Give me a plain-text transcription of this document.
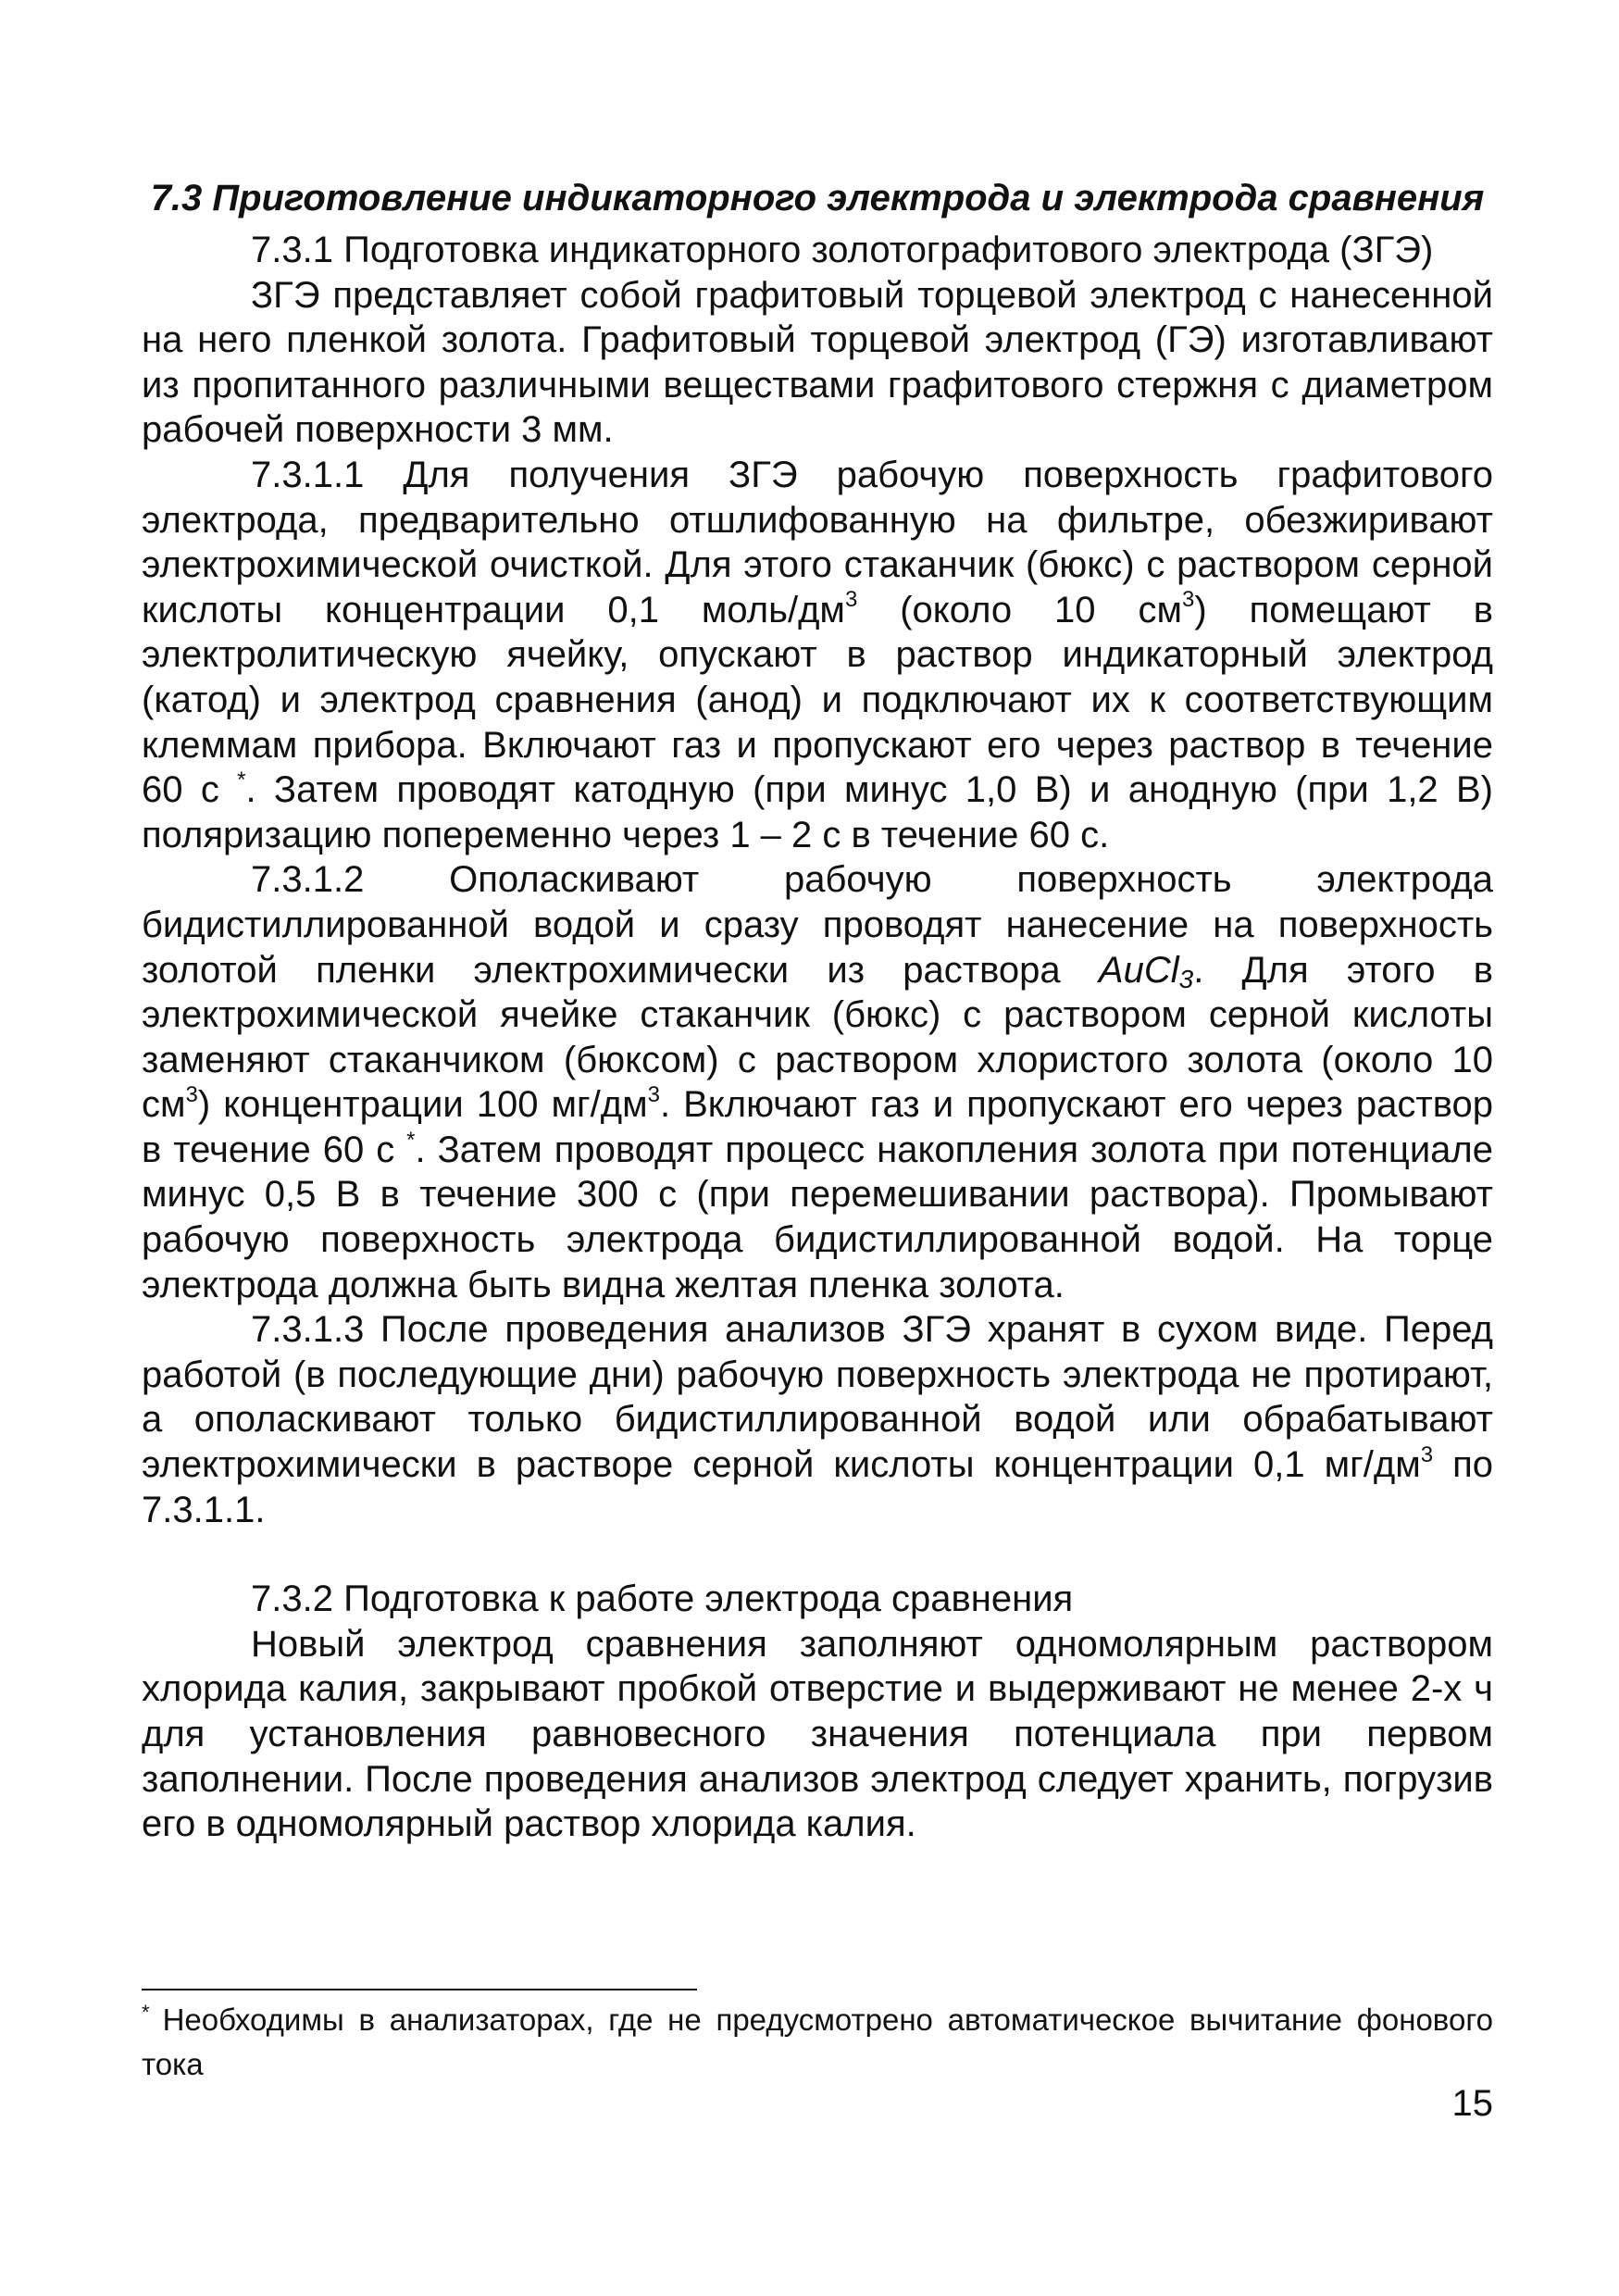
7.3 Приготовление индикаторного электрода и электрода сравнения

7.3.1 Подготовка индикаторного золотографитового электрода (ЗГЭ)

ЗГЭ представляет собой графитовый торцевой электрод с нанесенной на него пленкой золота. Графитовый торцевой электрод (ГЭ) изготавливают из пропитанного различными веществами графитового стержня с диаметром рабочей поверхности 3 мм.

7.3.1.1 Для получения ЗГЭ рабочую поверхность графитового электрода, предварительно отшлифованную на фильтре, обезжиривают электрохимической очисткой. Для этого стаканчик (бюкс) с раствором серной кислоты концентрации 0,1 моль/$дм^3$ (около 10 $см^3$) помещают в электролитическую ячейку, опускают в раствор индикаторный электрод (катод) и электрод сравнения (анод) и подключают их к соответствующим клеммам прибора. Включают газ и пропускают его через раствор в течение 60 с *. Затем проводят катодную (при минус 1,0 В) и анодную (при 1,2 В) поляризацию попеременно через 1 – 2 с в течение 60 с.

7.3.1.2 Ополаскивают рабочую поверхность электрода бидистиллированной водой и сразу проводят нанесение на поверхность золотой пленки электрохимически из раствора AuCl3. Для этого в электрохимической ячейке стаканчик (бюкс) с раствором серной кислоты заменяют стаканчиком (бюксом) с раствором хлористого золота (около 10 $см^3$) концентрации 100 $мг/дм^3$. Включают газ и пропускают его через раствор в течение 60 с *. Затем проводят процесс накопления золота при потенциале минус 0,5 В в течение 300 с (при перемешивании раствора). Промывают рабочую поверхность электрода бидистиллированной водой. На торце электрода должна быть видна желтая пленка золота.

7.3.1.3 После проведения анализов ЗГЭ хранят в сухом виде. Перед работой (в последующие дни) рабочую поверхность электрода не протирают, а ополаскивают только бидистиллированной водой или обрабатывают электрохимически в растворе серной кислоты концентрации 0,1 $мг/дм^3$ по 7.3.1.1.

7.3.2 Подготовка к работе электрода сравнения

Новый электрод сравнения заполняют одномолярным раствором хлорида калия, закрывают пробкой отверстие и выдерживают не менее 2-х ч для установления равновесного значения потенциала при первом заполнении. После проведения анализов электрод следует хранить, погрузив его в одномолярный раствор хлорида калия.

* Необходимы в анализаторах, где не предусмотрено автоматическое вычитание фонового тока
15
